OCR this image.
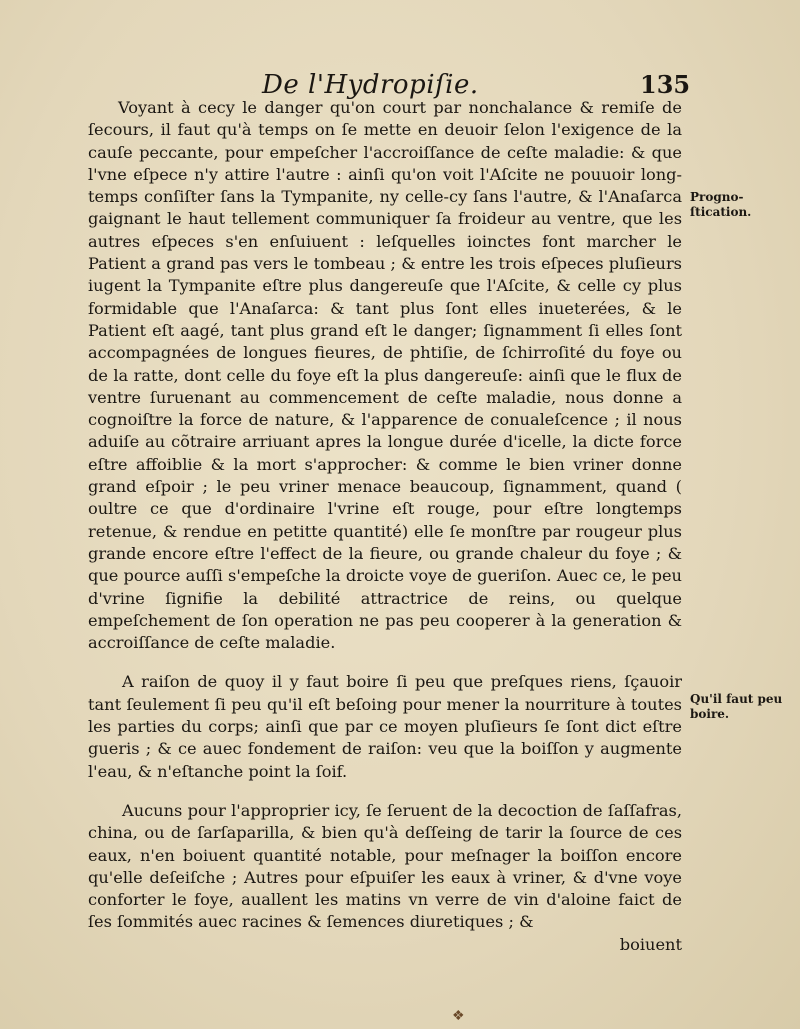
De l'Hydropiſie.	135

Voyant à cecy le danger qu'on court par nonchalance & remiſe de ſecours, il faut qu'à temps on ſe mette en deuoir ſelon l'exigence de la cauſe peccante, pour empeſcher l'accroiſſance de ceſte maladie: & que l'vne eſpece n'y attire l'autre : ainſi qu'on voit l'Aſcite ne pouuoir long-temps conſiſter ſans la Tympanite, ny celle-cy ſans l'autre, & l'Anaſarca gaignant le haut tellement communiquer ſa froideur au ventre, que les autres eſpeces s'en enſuiuent : leſquelles ioinctes font marcher le Patient a grand pas vers le tombeau ; & entre les trois eſpeces pluſieurs iugent la Tympanite eſtre plus dangereuſe que l'Aſcite, & celle cy plus formidable que l'Anaſarca: & tant plus ſont elles inueterées, & le Patient eſt aagé, tant plus grand eſt le danger; ſignamment ſi elles ſont accompagnées de longues fieures, de phtiſie, de ſchirroſité du foye ou de la ratte, dont celle du foye eſt la plus dangereuſe: ainſi que le flux de ventre ſuruenant au commencement de ceſte maladie, nous donne a cognoiſtre la force de nature, & l'apparence de conualeſcence ; il nous aduiſe au cõtraire arriuant apres la longue durée d'icelle, la dicte force eſtre affoiblie & la mort s'approcher: & comme le bien vriner donne grand eſpoir ; le peu vriner menace beaucoup, ſignamment, quand ( oultre ce que d'ordinaire l'vrine eſt rouge, pour eſtre longtemps retenue, & rendue en petitte quantité) elle ſe monſtre par rougeur plus grande encore eſtre l'effect de la fieure, ou grande chaleur du foye ; & que pource auſſi s'empeſche la droicte voye de gueriſon. Auec ce, le peu d'vrine ſignifie la debilité attractrice de reins, ou quelque empeſchement de ſon operation ne pas peu cooperer à la generation & accroiſſance de ceſte maladie.

A raiſon de quoy il y faut boire ſi peu que preſques riens, ſçauoir tant ſeulement ſi peu qu'il eſt beſoing pour mener la nourriture à toutes les parties du corps; ainſi que par ce moyen pluſieurs ſe ſont dict eſtre gueris ; & ce auec fondement de raiſon: veu que la boiſſon y augmente l'eau, & n'eſtanche point la ſoif.

Aucuns pour l'approprier icy, ſe ſeruent de la decoction de ſaſſafras, china, ou de ſarſaparilla, & bien qu'à deſſeing de tarir la ſource de ces eaux, n'en boiuent quantité notable, pour meſnager la boiſſon encore qu'elle deſeiſche ; Autres pour eſpuiſer les eaux à vriner, & d'vne voye conforter le foye, auallent les matins vn verre de vin d'aloine faict de ſes ſommités auec racines & ſemences diuretiques ; &

boiuent

Progno-ſtication.
Qu'il faut peu boire.
❖
